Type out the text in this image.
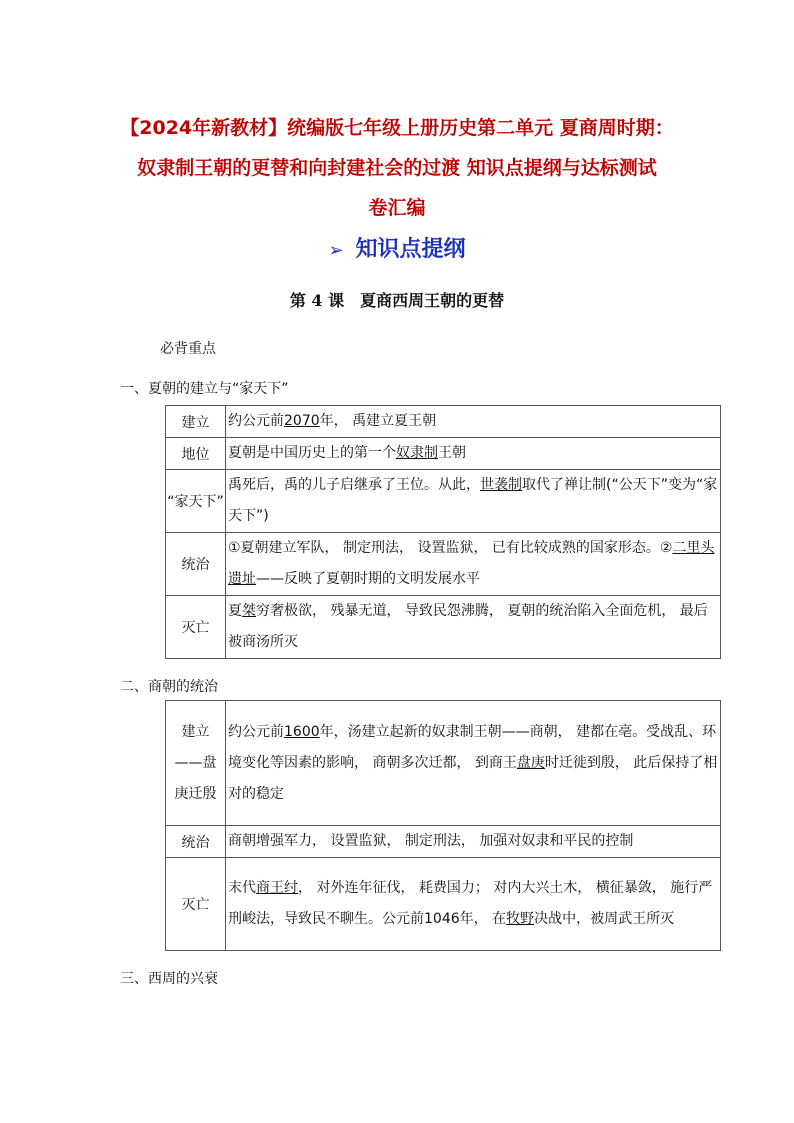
【2024年新教材】统编版七年级上册历史第二单元 夏商周时期：
奴隶制王朝的更替和向封建社会的过渡 知识点提纲与达标测试
卷汇编
➢ 知识点提纲
第 4 课 夏商西周王朝的更替
必背重点
一、夏朝的建立与“家天下”
建立	约公元前2070年， 禹建立夏王朝
地位	夏朝是中国历史上的第一个奴隶制王朝
“家天下”	禹死后，禹的儿子启继承了王位。从此，世袭制取代了禅让制(“公天下”变为“家天下”)
统治	①夏朝建立军队， 制定刑法， 设置监狱， 已有比较成熟的国家形态。②二里头遗址——反映了夏朝时期的文明发展水平
灭亡	夏桀穷奢极欲， 残暴无道， 导致民怨沸腾， 夏朝的统治陷入全面危机， 最后被商汤所灭
二、商朝的统治
建立——盘庚迁殷	约公元前1600年，汤建立起新的奴隶制王朝——商朝， 建都在亳。受战乱、环境变化等因素的影响， 商朝多次迁都， 到商王盘庚时迁徙到殷， 此后保持了相对的稳定
统治	商朝增强军力， 设置监狱， 制定刑法， 加强对奴隶和平民的控制
灭亡	末代商王纣， 对外连年征伐， 耗费国力； 对内大兴土木， 横征暴敛， 施行严刑峻法，导致民不聊生。公元前1046年， 在牧野决战中，被周武王所灭
三、西周的兴衰
